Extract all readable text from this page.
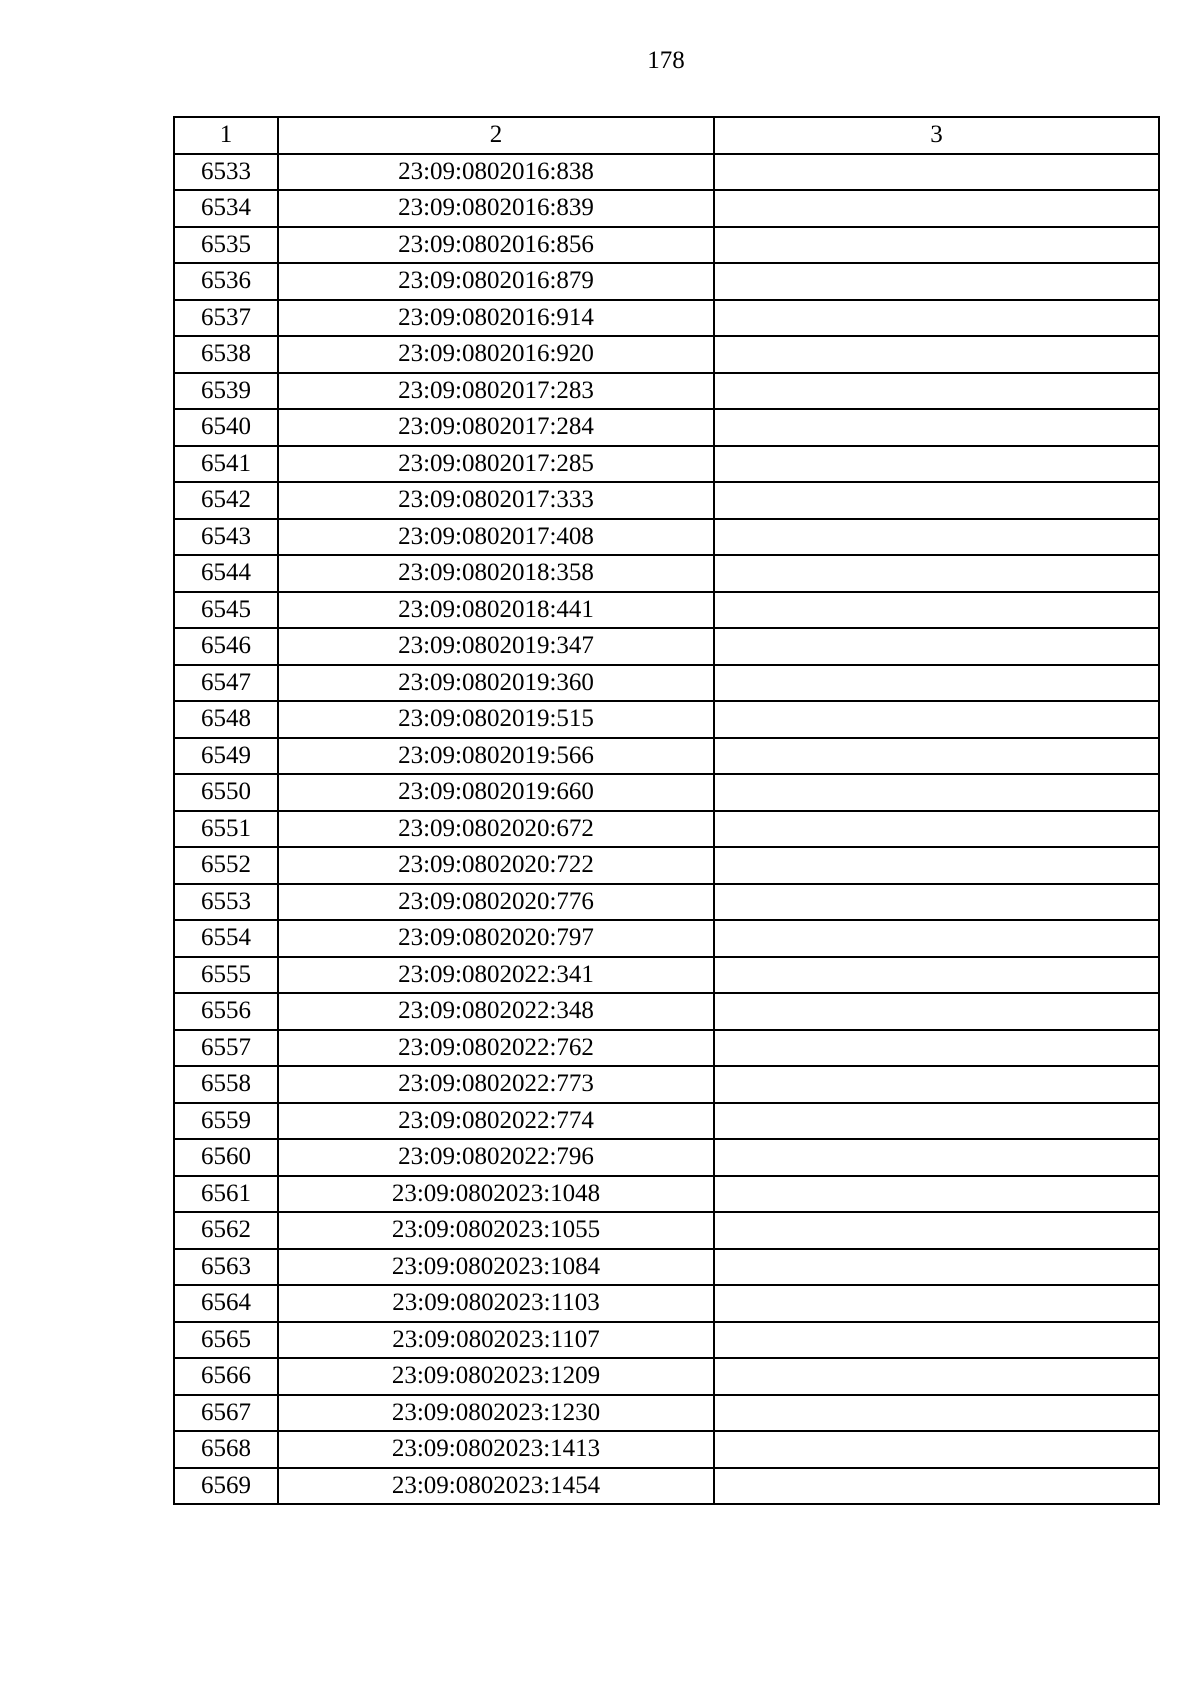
178
1	2	3
6533	23:09:0802016:838	
6534	23:09:0802016:839	
6535	23:09:0802016:856	
6536	23:09:0802016:879	
6537	23:09:0802016:914	
6538	23:09:0802016:920	
6539	23:09:0802017:283	
6540	23:09:0802017:284	
6541	23:09:0802017:285	
6542	23:09:0802017:333	
6543	23:09:0802017:408	
6544	23:09:0802018:358	
6545	23:09:0802018:441	
6546	23:09:0802019:347	
6547	23:09:0802019:360	
6548	23:09:0802019:515	
6549	23:09:0802019:566	
6550	23:09:0802019:660	
6551	23:09:0802020:672	
6552	23:09:0802020:722	
6553	23:09:0802020:776	
6554	23:09:0802020:797	
6555	23:09:0802022:341	
6556	23:09:0802022:348	
6557	23:09:0802022:762	
6558	23:09:0802022:773	
6559	23:09:0802022:774	
6560	23:09:0802022:796	
6561	23:09:0802023:1048	
6562	23:09:0802023:1055	
6563	23:09:0802023:1084	
6564	23:09:0802023:1103	
6565	23:09:0802023:1107	
6566	23:09:0802023:1209	
6567	23:09:0802023:1230	
6568	23:09:0802023:1413	
6569	23:09:0802023:1454	
